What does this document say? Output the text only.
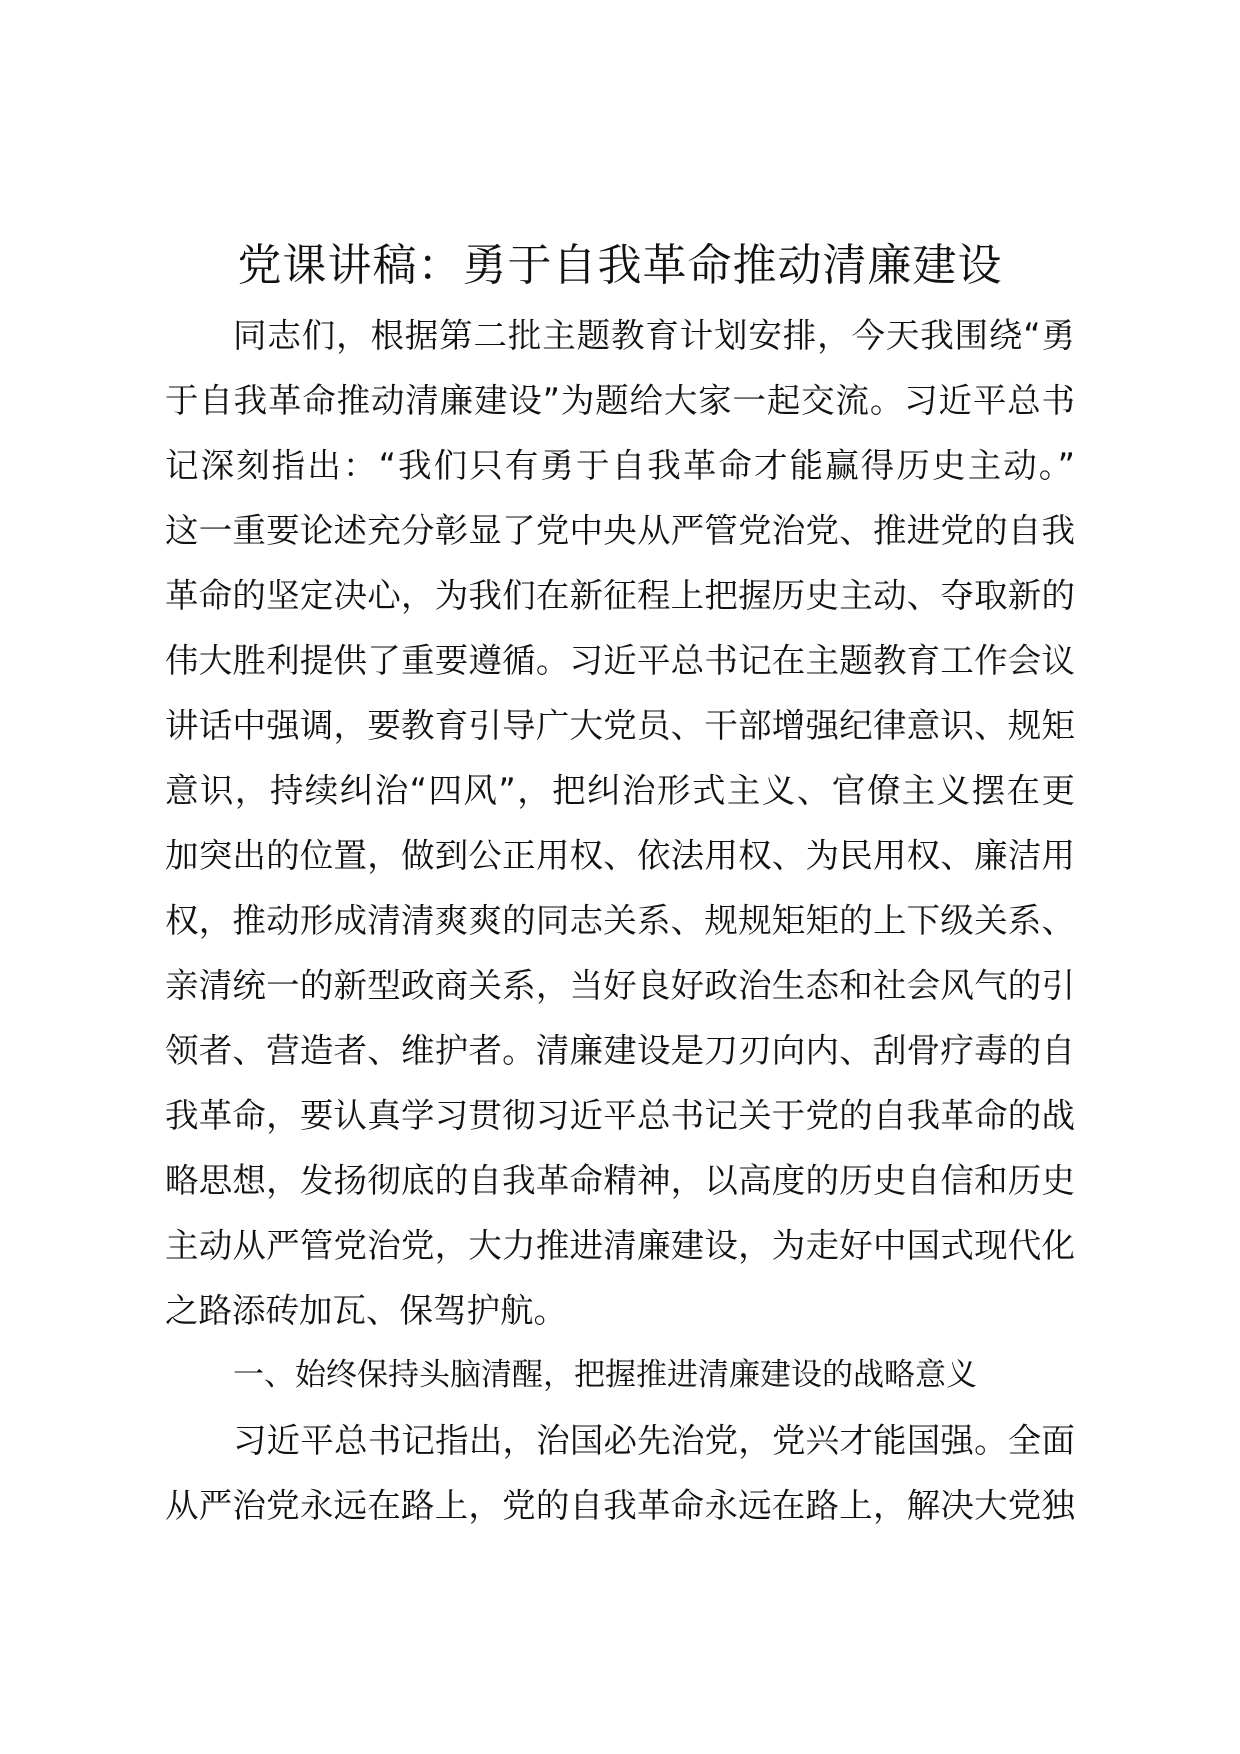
党课讲稿：勇于自我革命推动清廉建设
同志们，根据第二批主题教育计划安排，今天我围绕“勇
于自我革命推动清廉建设”为题给大家一起交流。习近平总书
记深刻指出：“我们只有勇于自我革命才能赢得历史主动。”
这一重要论述充分彰显了党中央从严管党治党、推进党的自我
革命的坚定决心，为我们在新征程上把握历史主动、夺取新的
伟大胜利提供了重要遵循。习近平总书记在主题教育工作会议
讲话中强调，要教育引导广大党员、干部增强纪律意识、规矩
意识，持续纠治“四风”，把纠治形式主义、官僚主义摆在更
加突出的位置，做到公正用权、依法用权、为民用权、廉洁用
权，推动形成清清爽爽的同志关系、规规矩矩的上下级关系、
亲清统一的新型政商关系，当好良好政治生态和社会风气的引
领者、营造者、维护者。清廉建设是刀刃向内、刮骨疗毒的自
我革命，要认真学习贯彻习近平总书记关于党的自我革命的战
略思想，发扬彻底的自我革命精神，以高度的历史自信和历史
主动从严管党治党，大力推进清廉建设，为走好中国式现代化
之路添砖加瓦、保驾护航。
一、始终保持头脑清醒，把握推进清廉建设的战略意义
习近平总书记指出，治国必先治党，党兴才能国强。全面
从严治党永远在路上，党的自我革命永远在路上，解决大党独
